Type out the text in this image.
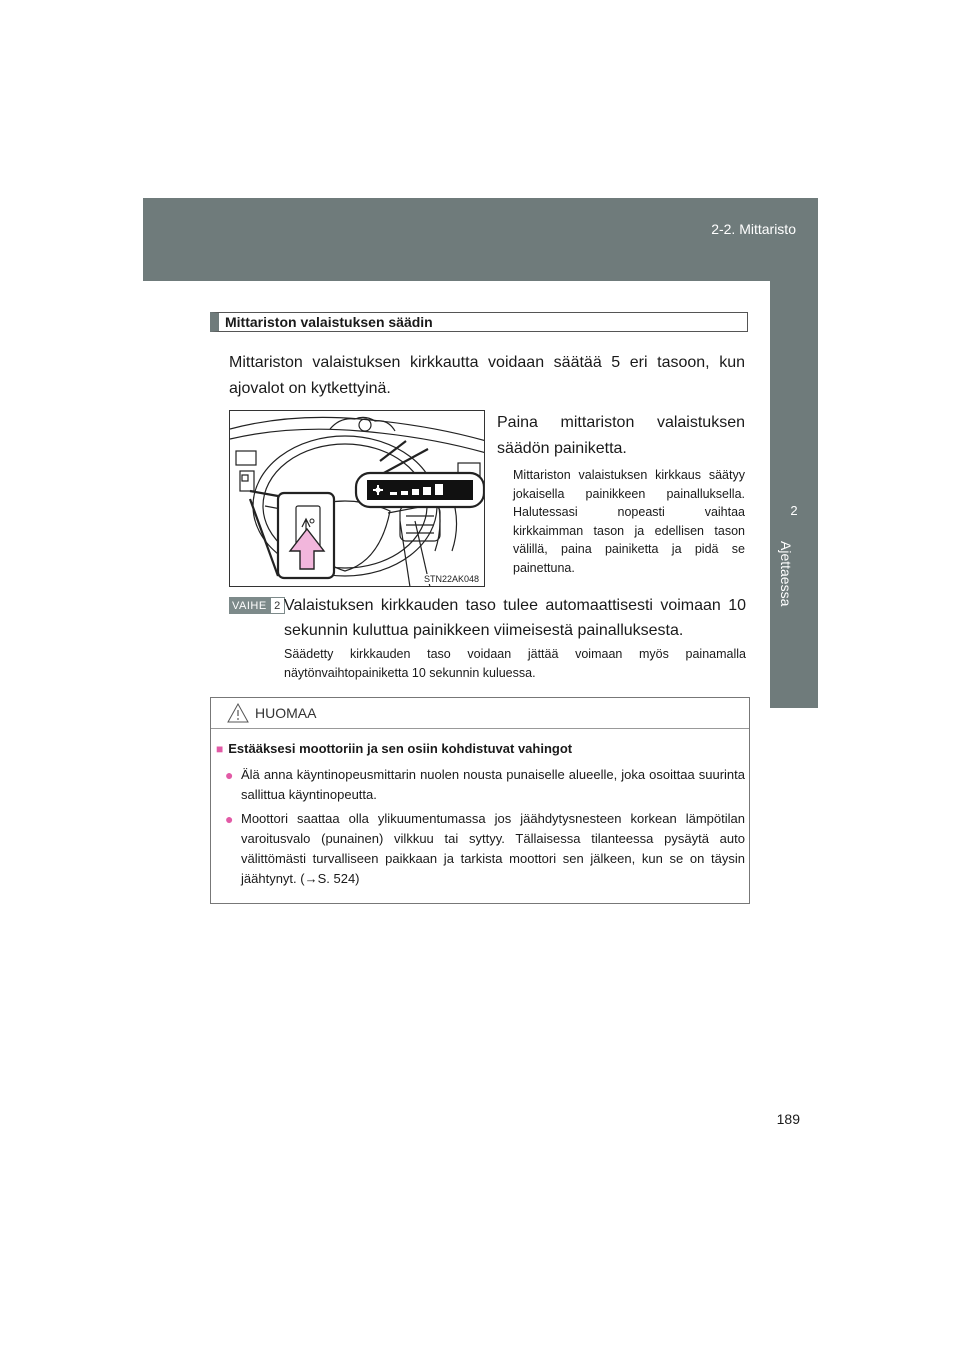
2-2. Mittaristo
2
Ajettaessa
Mittariston valaistuksen säädin
Mittariston valaistuksen kirkkautta voidaan säätää 5 eri tasoon, kun ajovalot on kytkettyinä.
STN22AK048
Paina mittariston valaistuksen
säädön painiketta.
Mittariston valaistuksen kirkkaus säätyy jokaisella painikkeen painalluksella. Halutessasi nopeasti vaihtaa kirkkaimman tason ja edellisen tason välillä, paina painiketta ja pidä se painettuna.
VAIHE 2 Valaistuksen kirkkauden taso tulee automaattisesti voimaan 10 sekunnin kuluttua painikkeen viimeisestä painalluksesta.
Säädetty kirkkauden taso voidaan jättää voimaan myös painamalla näytönvaihtopainiketta 10 sekunnin kuluessa.
HUOMAA
■ Estääksesi moottoriin ja sen osiin kohdistuvat vahingot
● Älä anna käyntinopeusmittarin nuolen nousta punaiselle alueelle, joka osoittaa suurinta sallittua käyntinopeutta.
● Moottori saattaa olla ylikuumentumassa jos jäähdytysnesteen korkean lämpötilan varoitusvalo (punainen) vilkkuu tai syttyy. Tällaisessa tilanteessa pysäytä auto välittömästi turvalliseen paikkaan ja tarkista moottori sen jälkeen, kun se on täysin jäähtynyt. (→S. 524)
189
